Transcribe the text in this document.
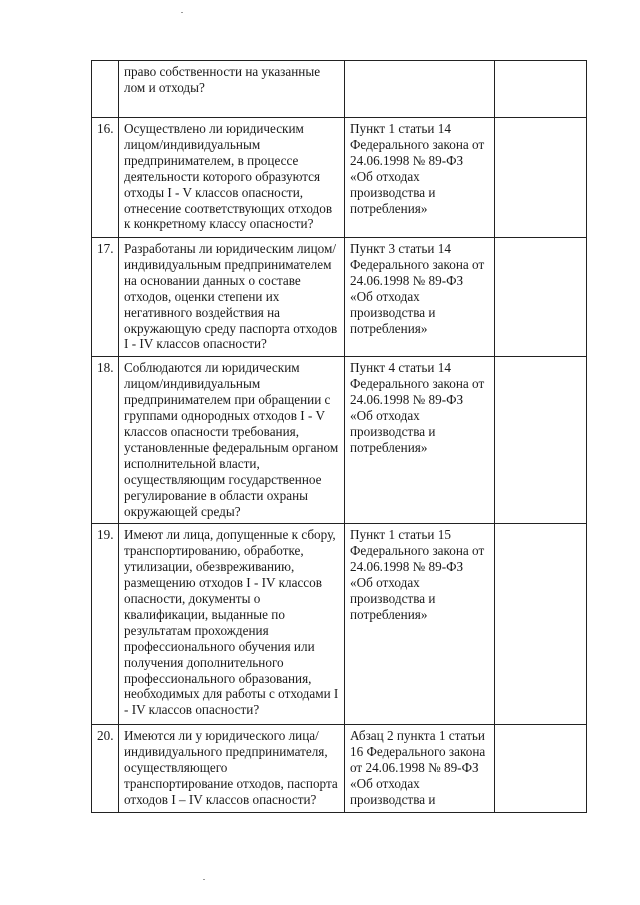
	право собственности на указанные лом и отходы?		
16.	Осуществлено ли юридическим лицом/индивидуальным предпринимателем, в процессе деятельности которого образуются отходы I - V классов опасности, отнесение соответствующих отходов к конкретному классу опасности?	Пункт 1 статьи 14 Федерального закона от 24.06.1998 № 89-ФЗ «Об отходах производства и потребления»	
17.	Разработаны ли юридическим лицом/индивидуальным предпринимателем на основании данных о составе отходов, оценки степени их негативного воздействия на окружающую среду паспорта отходов I - IV классов опасности?	Пункт 3 статьи 14 Федерального закона от 24.06.1998 № 89-ФЗ «Об отходах производства и потребления»	
18.	Соблюдаются ли юридическим лицом/индивидуальным предпринимателем при обращении с группами однородных отходов I - V классов опасности требования, установленные федеральным органом исполнительной власти, осуществляющим государственное регулирование в области охраны окружающей среды?	Пункт 4 статьи 14 Федерального закона от 24.06.1998 № 89-ФЗ «Об отходах производства и потребления»	
19.	Имеют ли лица, допущенные к сбору, транспортированию, обработке, утилизации, обезвреживанию, размещению отходов I - IV классов опасности, документы о квалификации, выданные по результатам прохождения профессионального обучения или получения дополнительного профессионального образования, необходимых для работы с отходами I - IV классов опасности?	Пункт 1 статьи 15 Федерального закона от 24.06.1998 № 89-ФЗ «Об отходах производства и потребления»	
20.	Имеются ли у юридического лица/индивидуального предпринимателя, осуществляющего транспортирование отходов, паспорта отходов I – IV классов опасности?	Абзац 2 пункта 1 статьи 16 Федерального закона от 24.06.1998 № 89-ФЗ «Об отходах производства и	
